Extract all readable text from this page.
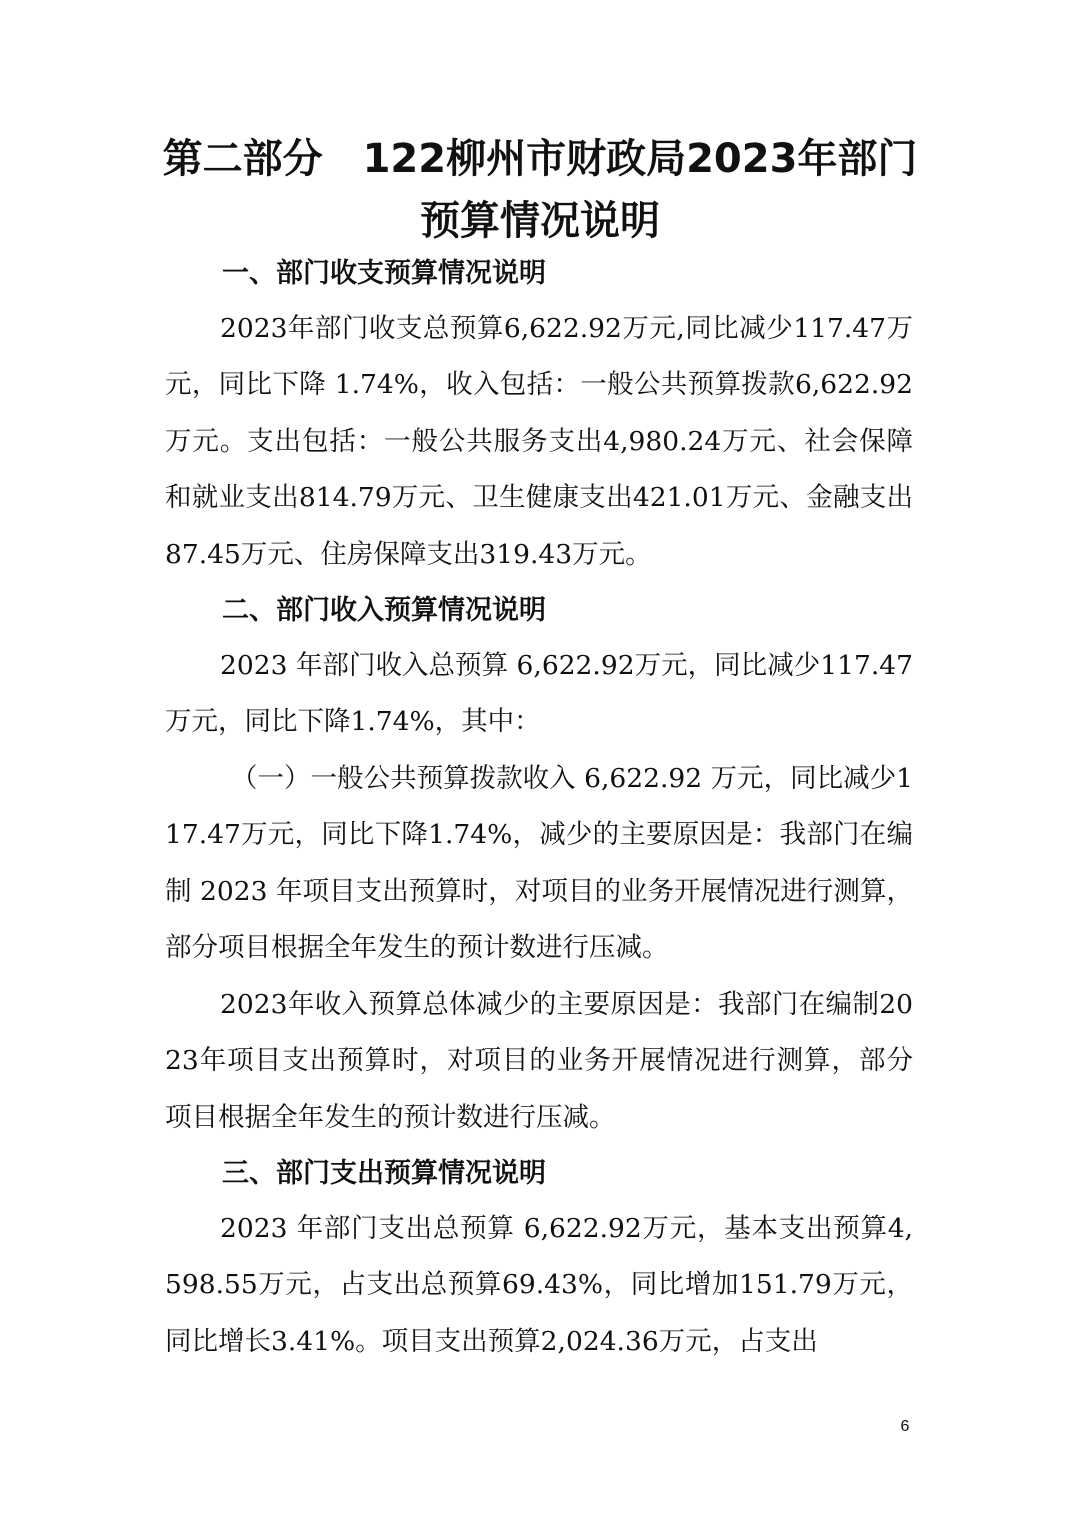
第二部分　122柳州市财政局2023年部门预算情况说明
一、部门收支预算情况说明
2023年部门收支总预算6,622.92万元,同比减少117.47万元，同比下降 1.74%，收入包括：一般公共预算拨款6,622.92万元。支出包括：一般公共服务支出4,980.24万元、社会保障和就业支出814.79万元、卫生健康支出421.01万元、金融支出87.45万元、住房保障支出319.43万元。
二、部门收入预算情况说明
2023 年部门收入总预算 6,622.92万元，同比减少117.47万元，同比下降1.74%，其中：
（一）一般公共预算拨款收入 6,622.92 万元，同比减少117.47万元，同比下降1.74%，减少的主要原因是：我部门在编制 2023 年项目支出预算时，对项目的业务开展情况进行测算，部分项目根据全年发生的预计数进行压减。
2023年收入预算总体减少的主要原因是：我部门在编制2023年项目支出预算时，对项目的业务开展情况进行测算，部分项目根据全年发生的预计数进行压减。
三、部门支出预算情况说明
2023 年部门支出总预算 6,622.92万元，基本支出预算4,598.55万元，占支出总预算69.43%，同比增加151.79万元，同比增长3.41%。项目支出预算2,024.36万元，占支出
6
